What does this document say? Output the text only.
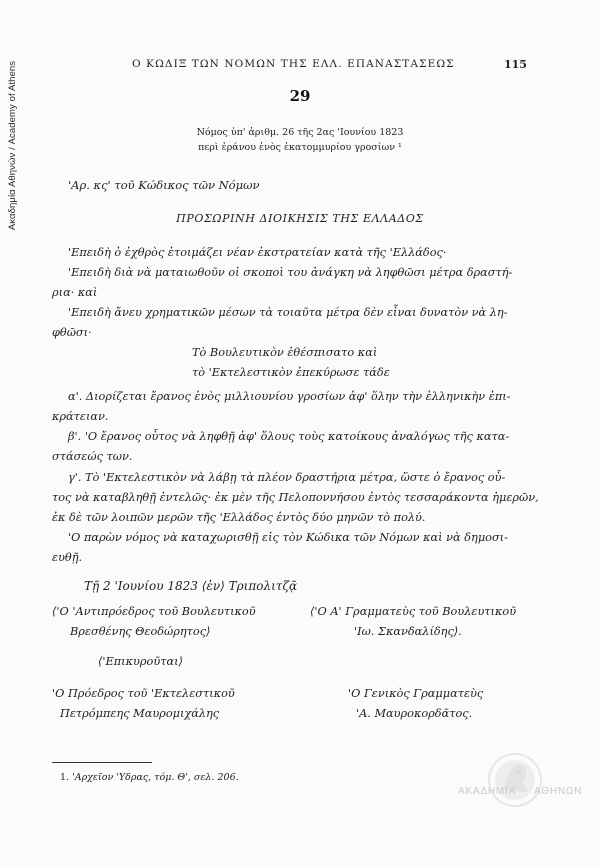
Ακαδημία Αθηνών / Academy of Athens	Ο ΚΩΔΙΞ ΤΩΝ ΝΟΜΩΝ ΤΗΣ ΕΛΛ. ΕΠΑΝΑΣΤΑΣΕΩΣ	115
29
Νόμος ὑπ' ἀριθμ. 26 τῆς 2ας 'Ιουνίου 1823
περὶ ἐράνου ἑνὸς ἑκατομμυρίου γροσίων ¹
'Αρ. κς' τοῦ Κώδικος τῶν Νόμων
ΠΡΟΣΩΡΙΝΗ ΔΙΟΙΚΗΣΙΣ ΤΗΣ ΕΛΛΑΔΟΣ
'Επειδὴ ὁ ἐχθρὸς ἑτοιμάζει νέαν ἐκστρατείαν κατὰ τῆς 'Ελλάδος·
'Επειδὴ διὰ νὰ ματαιωθοῦν οἱ σκοποὶ του ἀνάγκη νὰ ληφθῶσι μέτρα δραστή-
ρια· καὶ
'Επειδὴ ἄνευ χρηματικῶν μέσων τὰ τοιαῦτα μέτρα δὲν εἶναι δυνατὸν νὰ λη-
φθῶσι·
Τὸ Βουλευτικὸν ἐθέσπισατο καὶ
τὸ 'Εκτελεστικὸν ἐπεκύρωσε τάδε
α'. Διορίζεται ἔρανος ἑνὸς μιλλιουνίου γροσίων ἀφ' ὅλην τὴν ἑλληνικὴν ἐπι-
κράτειαν.
β'. 'Ο ἔρανος οὗτος νὰ ληφθῇ ἀφ' ὅλους τοὺς κατοίκους ἀναλόγως τῆς κατα-
στάσεώς των.
γ'. Τὸ 'Εκτελεστικὸν νὰ λάβῃ τὰ πλέον δραστήρια μέτρα, ὥστε ὁ ἔρανος οὗ-
τος νὰ καταβληθῇ ἐντελῶς· ἐκ μὲν τῆς Πελοποννήσου ἐντὸς τεσσαράκοντα ἡμερῶν,
ἐκ δὲ τῶν λοιπῶν μερῶν τῆς 'Ελλάδος ἐντὸς δύο μηνῶν τὸ πολύ.
'Ο παρὼν νόμος νὰ καταχωρισθῇ εἰς τὸν Κώδικα τῶν Νόμων καὶ νὰ δημοσι-
ευθῇ.
Τῇ 2 'Ιουνίου 1823 ⟨ἐν⟩ Τριπολιτζᾷ
⟨'Ο 'Αντιπρόεδρος τοῦ Βουλευτικοῦ
Βρεσθένης Θεοδώρητος⟩
⟨'Ο Α' Γραμματεὺς τοῦ Βουλευτικοῦ
'Ιω. Σκανδαλίδης⟩.
⟨'Επικυροῦται⟩
'Ο Πρόεδρος τοῦ 'Εκτελεστικοῦ
Πετρόμπεης Μαυρομιχάλης
'Ο Γενικὸς Γραμματεὺς
'Α. Μαυροκορδᾶτος.
1. 'Αρχεῖον 'Υδρας, τόμ. Θ', σελ. 206.
ΑΚΑΔΗΜΙΑ ΑΘΗΝΩΝ
